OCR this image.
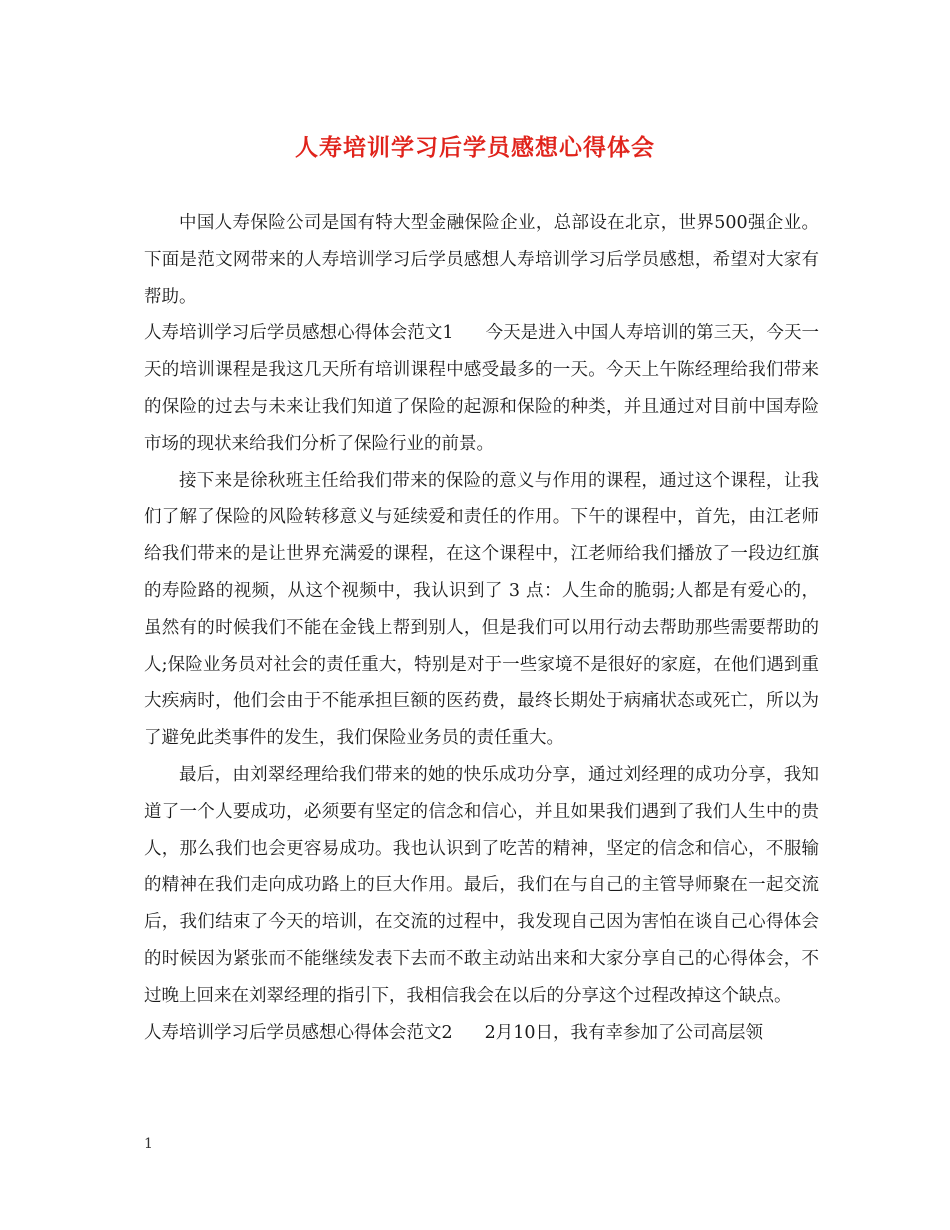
人寿培训学习后学员感想心得体会

中国人寿保险公司是国有特大型金融保险企业，总部设在北京，世界500强企业。下面是范文网带来的人寿培训学习后学员感想人寿培训学习后学员感想，希望对大家有帮助。

人寿培训学习后学员感想心得体会范文1 今天是进入中国人寿培训的第三天，今天一天的培训课程是我这几天所有培训课程中感受最多的一天。今天上午陈经理给我们带来的保险的过去与未来让我们知道了保险的起源和保险的种类，并且通过对目前中国寿险市场的现状来给我们分析了保险行业的前景。

接下来是徐秋班主任给我们带来的保险的意义与作用的课程，通过这个课程，让我们了解了保险的风险转移意义与延续爱和责任的作用。下午的课程中，首先，由江老师给我们带来的是让世界充满爱的课程，在这个课程中，江老师给我们播放了一段边红旗的寿险路的视频，从这个视频中，我认识到了 3 点：人生命的脆弱;人都是有爱心的，虽然有的时候我们不能在金钱上帮到别人，但是我们可以用行动去帮助那些需要帮助的人;保险业务员对社会的责任重大，特别是对于一些家境不是很好的家庭，在他们遇到重大疾病时，他们会由于不能承担巨额的医药费，最终长期处于病痛状态或死亡，所以为了避免此类事件的发生，我们保险业务员的责任重大。

最后，由刘翠经理给我们带来的她的快乐成功分享，通过刘经理的成功分享，我知道了一个人要成功，必须要有坚定的信念和信心，并且如果我们遇到了我们人生中的贵人，那么我们也会更容易成功。我也认识到了吃苦的精神，坚定的信念和信心，不服输的精神在我们走向成功路上的巨大作用。最后，我们在与自己的主管导师聚在一起交流后，我们结束了今天的培训，在交流的过程中，我发现自己因为害怕在谈自己心得体会的时候因为紧张而不能继续发表下去而不敢主动站出来和大家分享自己的心得体会，不过晚上回来在刘翠经理的指引下，我相信我会在以后的分享这个过程改掉这个缺点。

人寿培训学习后学员感想心得体会范文2 2月10日，我有幸参加了公司高层领

1
